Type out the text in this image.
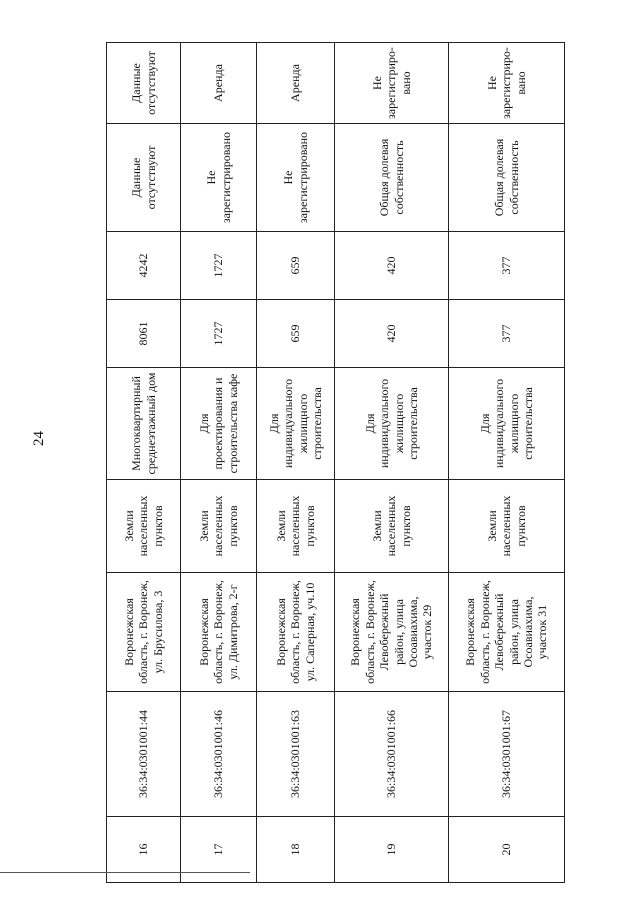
24
16	36:34:0301001:44	Воронежская область, г. Воронеж, ул. Брусилова, 3	Земли населенных пунктов	Многоквартирный среднеэтажный дом	8061	4242	Данные отсутствуют	Данные отсутствуют
17	36:34:0301001:46	Воронежская область, г. Воронеж, ул. Димитрова, 2-г	Земли населенных пунктов	Для проектирования и строительства кафе	1727	1727	Не зарегистрировано	Аренда
18	36:34:0301001:63	Воронежская область, г. Воронеж, ул. Саперная, уч.10	Земли населенных пунктов	Для индивидуального жилищного строительства	659	659	Не зарегистрировано	Аренда
19	36:34:0301001:66	Воронежская область, г. Воронеж, Левобережный район, улица Осоавиахима, участок 29	Земли населенных пунктов	Для индивидуального жилищного строительства	420	420	Общая долевая собственность	Не зарегистриро-вано
20	36:34:0301001:67	Воронежская область, г. Воронеж, Левобережный район, улица Осоавиахима, участок 31	Земли населенных пунктов	Для индивидуального жилищного строительства	377	377	Общая долевая собственность	Не зарегистриро-вано
